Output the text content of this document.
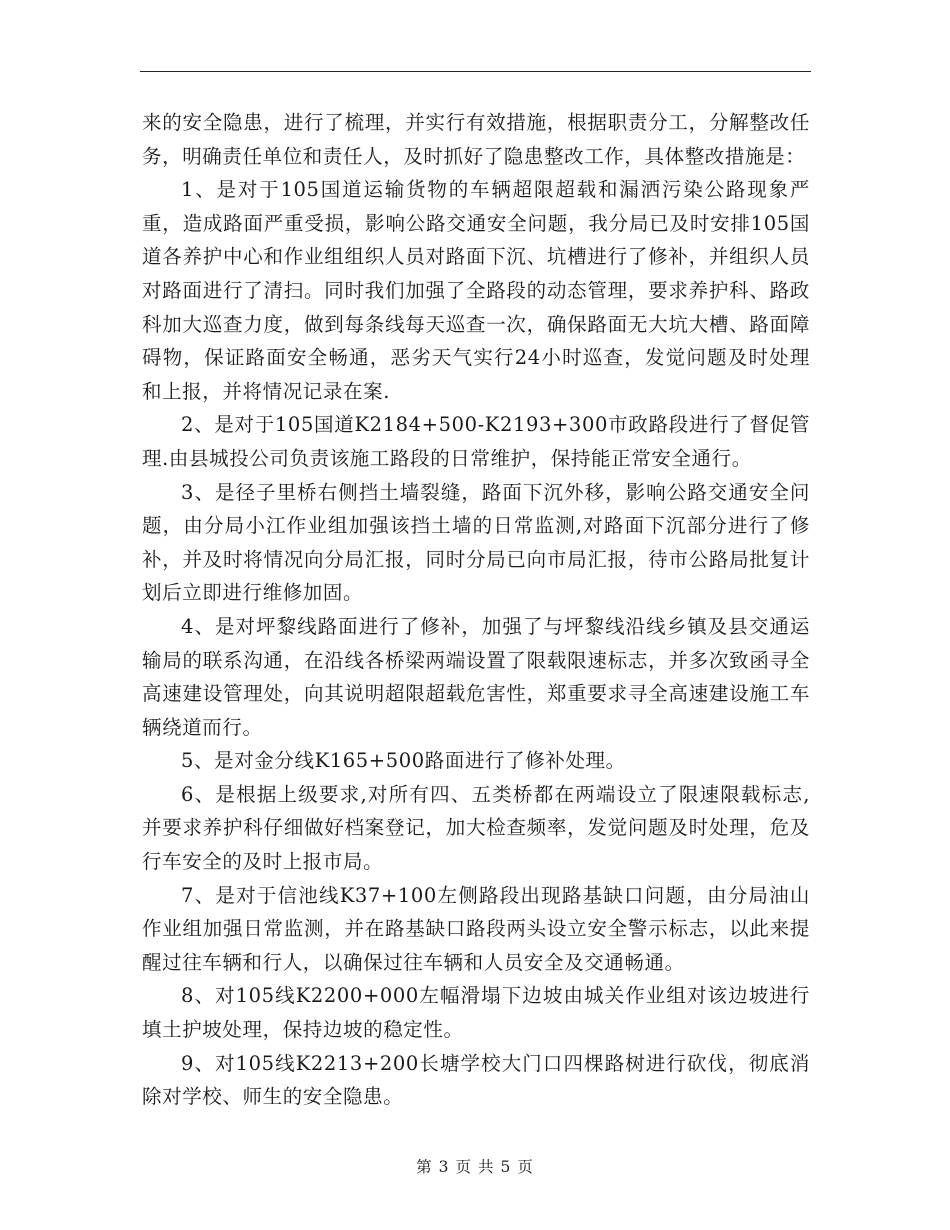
来的安全隐患，进行了梳理，并实行有效措施，根据职责分工，分解整改任务，明确责任单位和责任人，及时抓好了隐患整改工作，具体整改措施是：

1、是对于105国道运输货物的车辆超限超载和漏洒污染公路现象严重，造成路面严重受损，影响公路交通安全问题，我分局已及时安排105国道各养护中心和作业组组织人员对路面下沉、坑槽进行了修补，并组织人员对路面进行了清扫。同时我们加强了全路段的动态管理，要求养护科、路政科加大巡查力度，做到每条线每天巡查一次，确保路面无大坑大槽、路面障碍物，保证路面安全畅通，恶劣天气实行24小时巡查，发觉问题及时处理和上报，并将情况记录在案.

2、是对于105国道K2184+500-K2193+300市政路段进行了督促管理.由县城投公司负责该施工路段的日常维护，保持能正常安全通行。

3、是径子里桥右侧挡土墙裂缝，路面下沉外移，影响公路交通安全问题，由分局小江作业组加强该挡土墙的日常监测,对路面下沉部分进行了修补，并及时将情况向分局汇报，同时分局已向市局汇报，待市公路局批复计划后立即进行维修加固。

4、是对坪黎线路面进行了修补，加强了与坪黎线沿线乡镇及县交通运输局的联系沟通，在沿线各桥梁两端设置了限载限速标志，并多次致函寻全高速建设管理处，向其说明超限超载危害性，郑重要求寻全高速建设施工车辆绕道而行。

5、是对金分线K165+500路面进行了修补处理。

6、是根据上级要求,对所有四、五类桥都在两端设立了限速限载标志,并要求养护科仔细做好档案登记，加大检查频率，发觉问题及时处理，危及行车安全的及时上报市局。

7、是对于信池线K37+100左侧路段出现路基缺口问题，由分局油山作业组加强日常监测，并在路基缺口路段两头设立安全警示标志，以此来提醒过往车辆和行人，以确保过往车辆和人员安全及交通畅通。

8、对105线K2200+000左幅滑塌下边坡由城关作业组对该边坡进行填土护坡处理，保持边坡的稳定性。

9、对105线K2213+200长塘学校大门口四棵路树进行砍伐，彻底消除对学校、师生的安全隐患。

第 3 页 共 5 页
